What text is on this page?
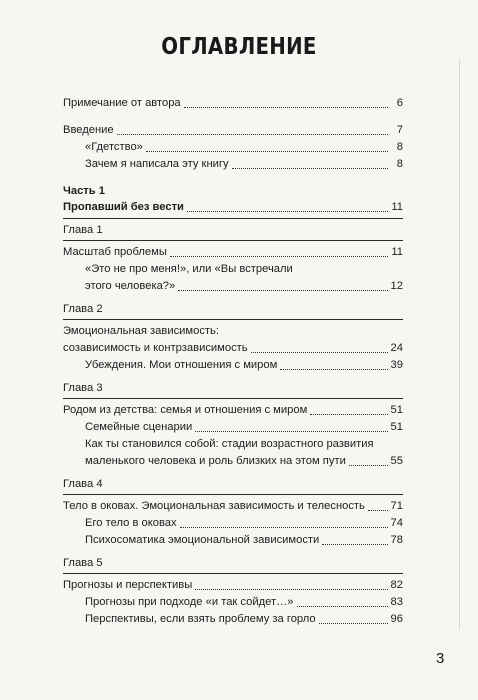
ОГЛАВЛЕНИЕ
Примечание от автора	6
Введение	7
«Гдетство»	8
Зачем я написала эту книгу	8
Часть 1
Пропавший без вести	11
Глава 1
Масштаб проблемы	11
«Это не про меня!», или «Вы встречали
этого человека?»	12
Глава 2
Эмоциональная зависимость:
созависимость и контрзависимость	24
Убеждения. Мои отношения с миром	39
Глава 3
Родом из детства: семья и отношения с миром	51
Семейные сценарии	51
Как ты становился собой: стадии возрастного развития
маленького человека и роль близких на этом пути	55
Глава 4
Тело в оковах. Эмоциональная зависимость и телесность 71
Его тело в оковах	74
Психосоматика эмоциональной зависимости	78
Глава 5
Прогнозы и перспективы	82
Прогнозы при подходе «и так сойдет…»	83
Перспективы, если взять проблему за горло	96
3
